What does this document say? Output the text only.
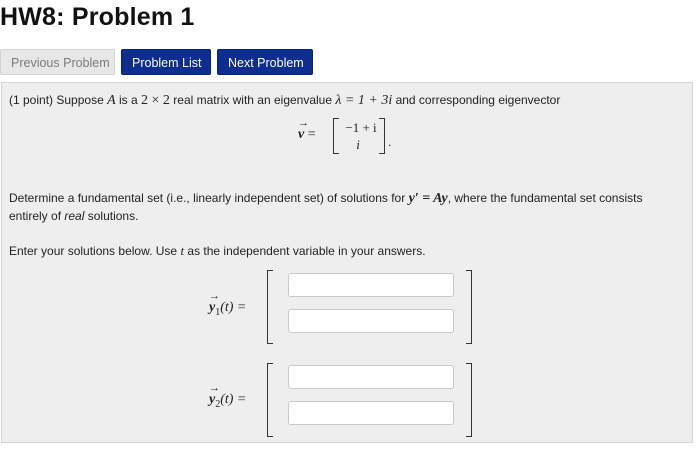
HW8: Problem 1
Previous Problem	Problem List	Next Problem
(1 point) Suppose A is a 2 × 2 real matrix with an eigenvalue λ = 1 + 3i and corresponding eigenvector
→ v =	−1 + i
i	.
Determine a fundamental set (i.e., linearly independent set) of solutions for y′ = Ay, where the fundamental set consists
entirely of real solutions.
Enter your solutions below. Use t as the independent variable in your answers.
→ $y_1(t)$ =
→ $y_2(t)$ =
